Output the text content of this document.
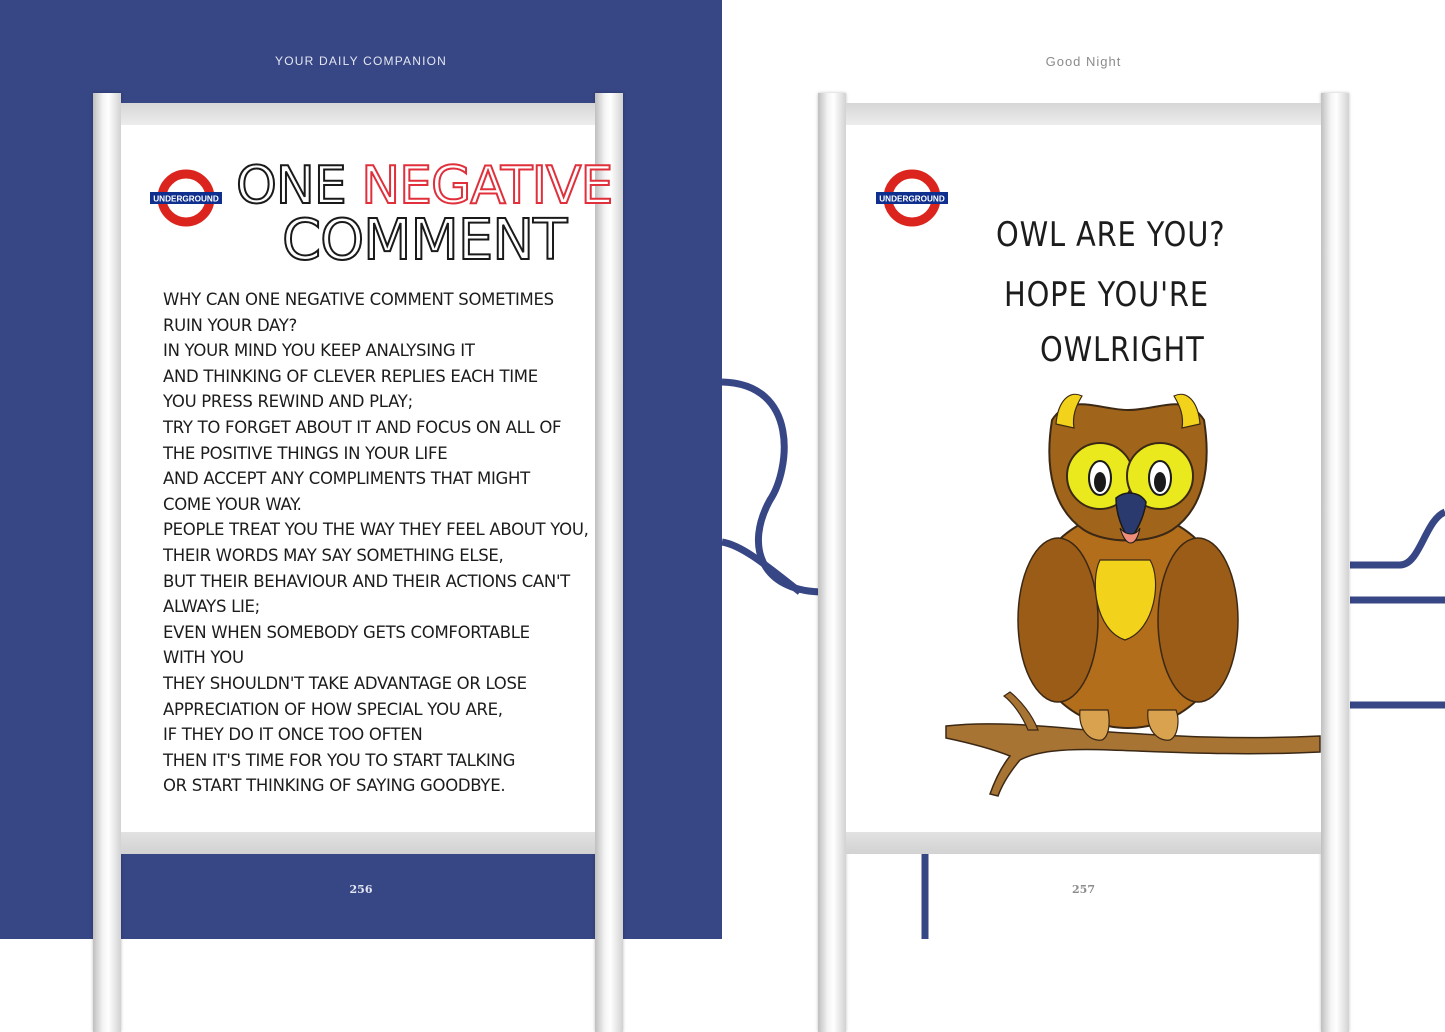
YOUR DAILY COMPANION	Good Night
UNDERGROUND ONE NEGATIVE
COMMENT
WHY CAN ONE NEGATIVE COMMENT SOMETIMES
RUIN YOUR DAY?
IN YOUR MIND YOU KEEP ANALYSING IT
AND THINKING OF CLEVER REPLIES EACH TIME
YOU PRESS REWIND AND PLAY;
TRY TO FORGET ABOUT IT AND FOCUS ON ALL OF
THE POSITIVE THINGS IN YOUR LIFE
AND ACCEPT ANY COMPLIMENTS THAT MIGHT
COME YOUR WAY.
PEOPLE TREAT YOU THE WAY THEY FEEL ABOUT YOU,
THEIR WORDS MAY SAY SOMETHING ELSE,
BUT THEIR BEHAVIOUR AND THEIR ACTIONS CAN'T
ALWAYS LIE;
EVEN WHEN SOMEBODY GETS COMFORTABLE
WITH YOU
THEY SHOULDN'T TAKE ADVANTAGE OR LOSE
APPRECIATION OF HOW SPECIAL YOU ARE,
IF THEY DO IT ONCE TOO OFTEN
THEN IT'S TIME FOR YOU TO START TALKING
OR START THINKING OF SAYING GOODBYE.
UNDERGROUND
OWL ARE YOU?
HOPE YOU'RE
OWLRIGHT
256	257
